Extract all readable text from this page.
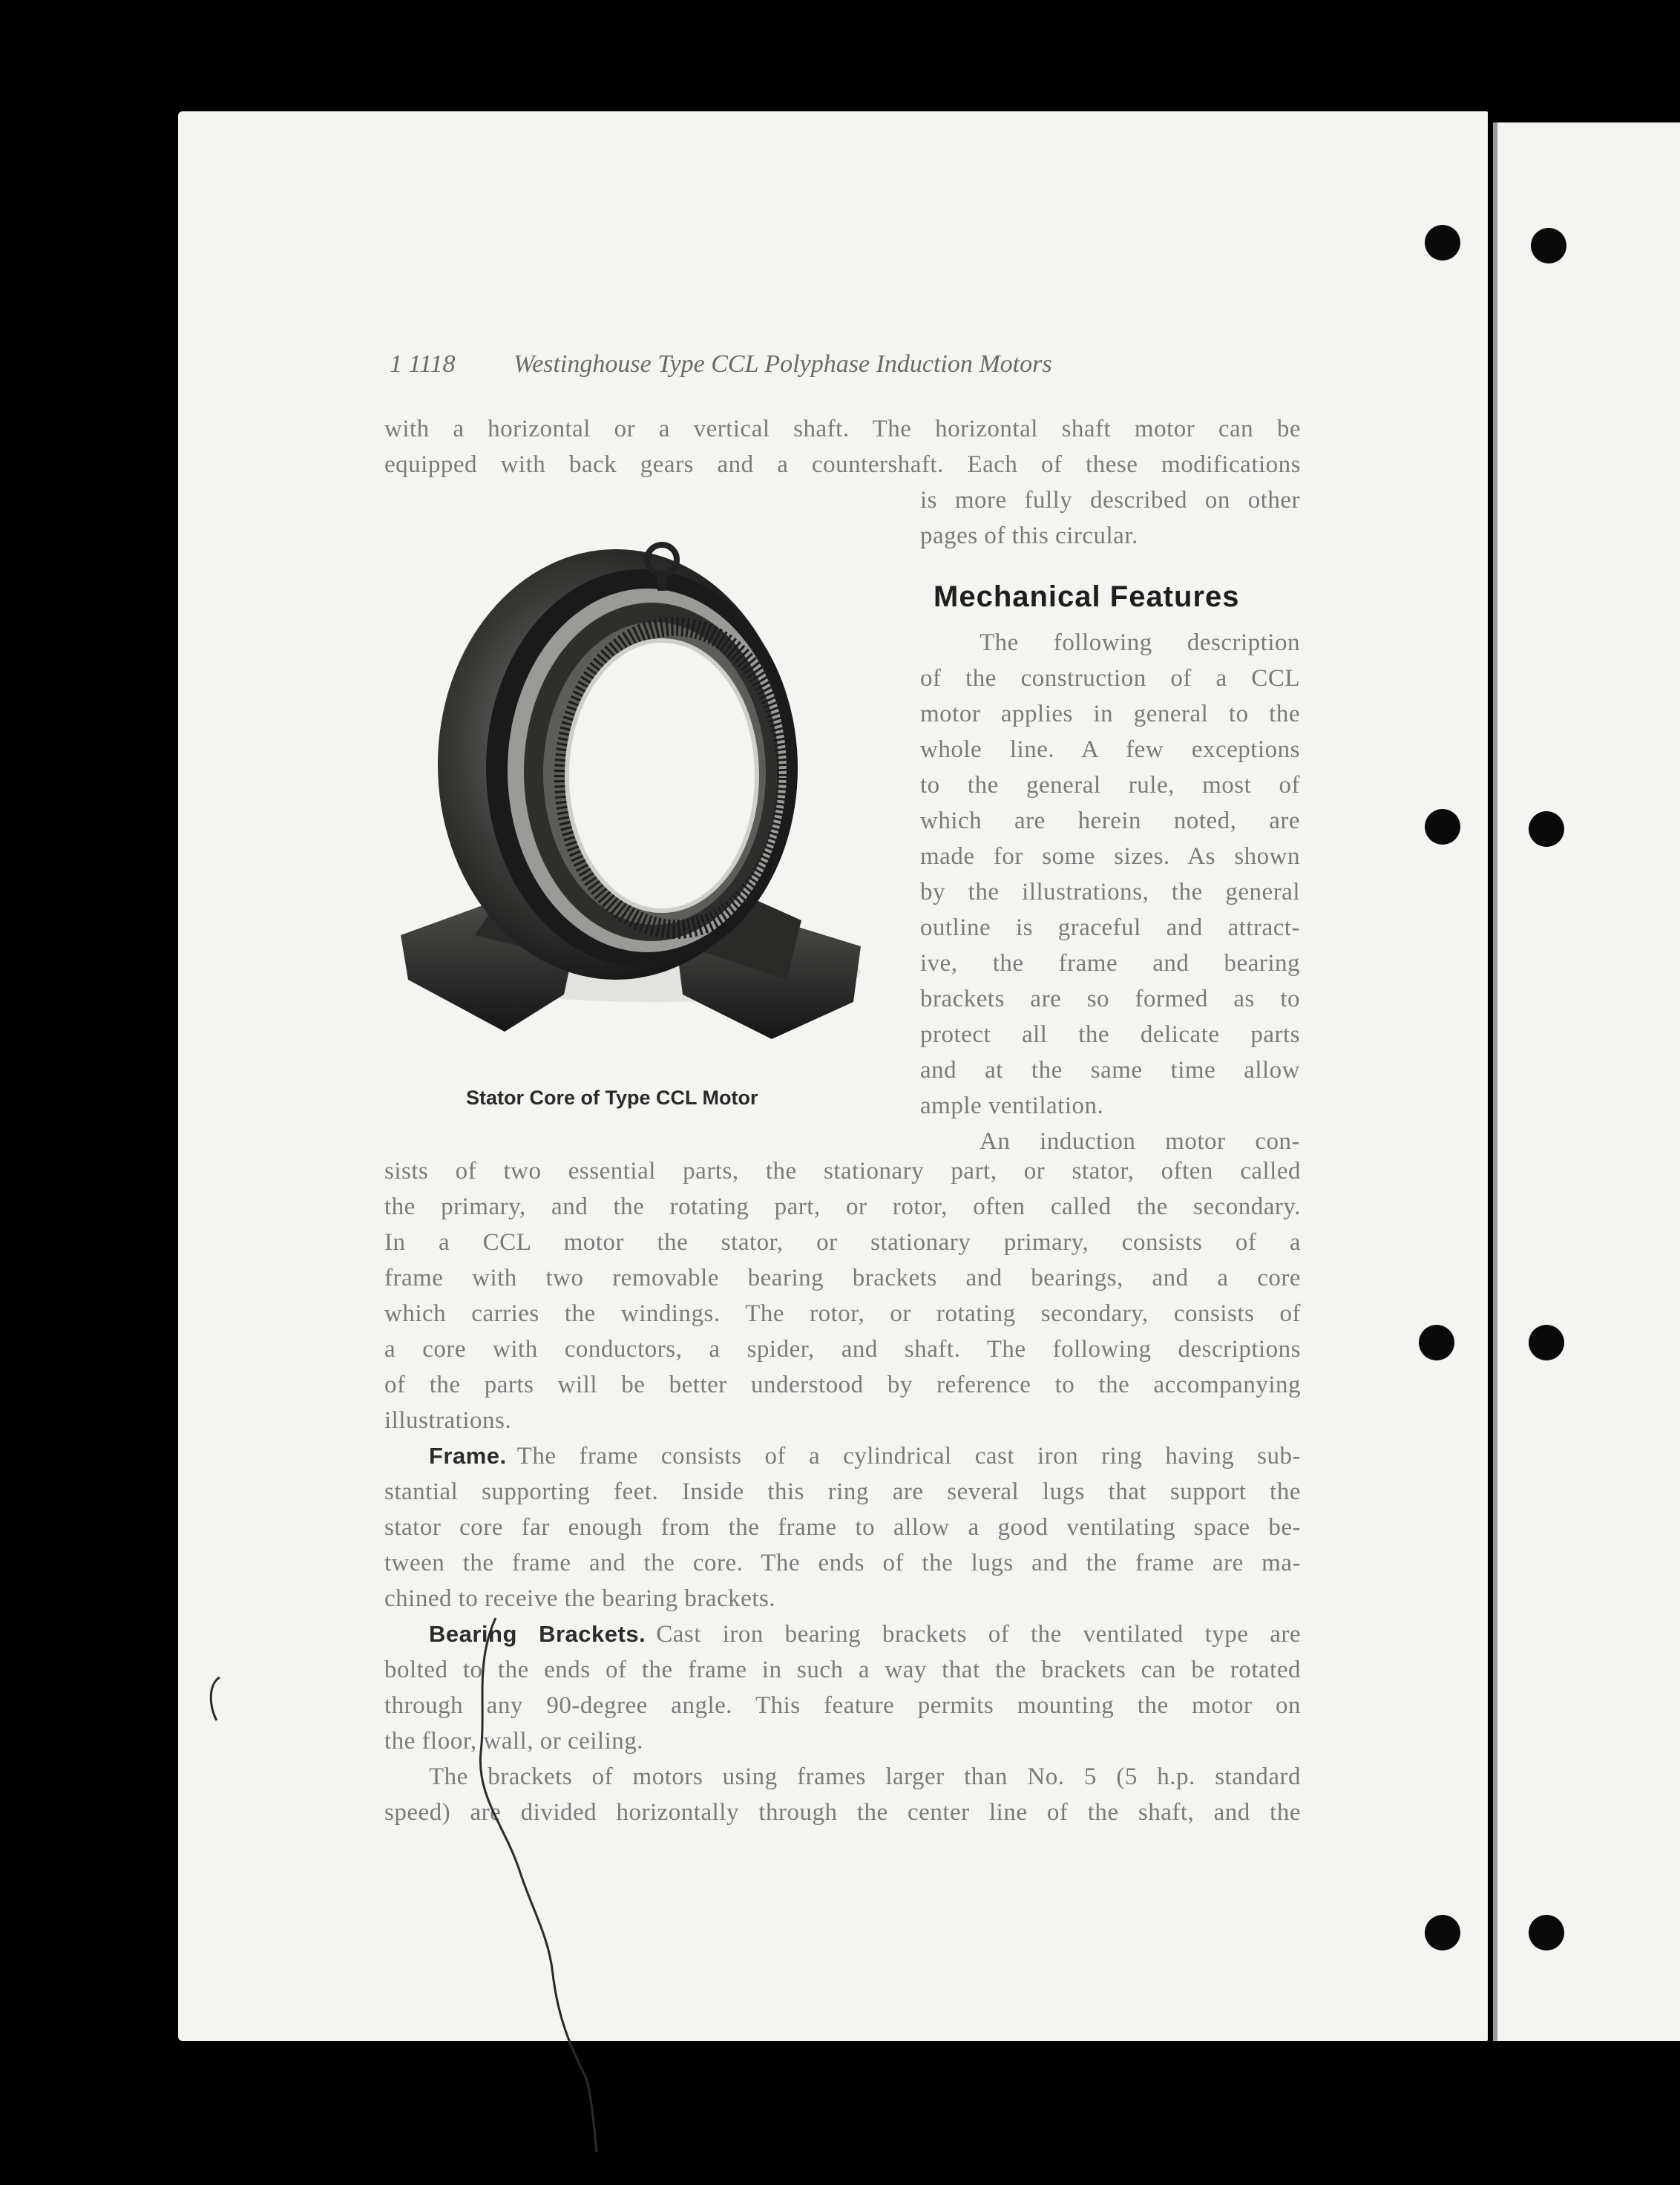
1 1118 Westinghouse Type CCL Polyphase Induction Motors
with a horizontal or a vertical shaft. The horizontal shaft motor can be
equipped with back gears and a countershaft. Each of these modifications
is more fully described on other
pages of this circular.
Stator Core of Type CCL Motor
Mechanical Features
The following description
of the construction of a CCL
motor applies in general to the
whole line. A few exceptions
to the general rule, most of
which are herein noted, are
made for some sizes. As shown
by the illustrations, the general
outline is graceful and attract-
ive, the frame and bearing
brackets are so formed as to
protect all the delicate parts
and at the same time allow
ample ventilation.
An induction motor con-
sists of two essential parts, the stationary part, or stator, often called
the primary, and the rotating part, or rotor, often called the secondary.
In a CCL motor the stator, or stationary primary, consists of a
frame with two removable bearing brackets and bearings, and a core
which carries the windings. The rotor, or rotating secondary, consists of
a core with conductors, a spider, and shaft. The following descriptions
of the parts will be better understood by reference to the accompanying
illustrations.
Frame. The frame consists of a cylindrical cast iron ring having sub-
stantial supporting feet. Inside this ring are several lugs that support the
stator core far enough from the frame to allow a good ventilating space be-
tween the frame and the core. The ends of the lugs and the frame are ma-
chined to receive the bearing brackets.
Bearing Brackets. Cast iron bearing brackets of the ventilated type are
bolted to the ends of the frame in such a way that the brackets can be rotated
through any 90-degree angle. This feature permits mounting the motor on
the floor, wall, or ceiling.
The brackets of motors using frames larger than No. 5 (5 h.p. standard
speed) are divided horizontally through the center line of the shaft, and the
